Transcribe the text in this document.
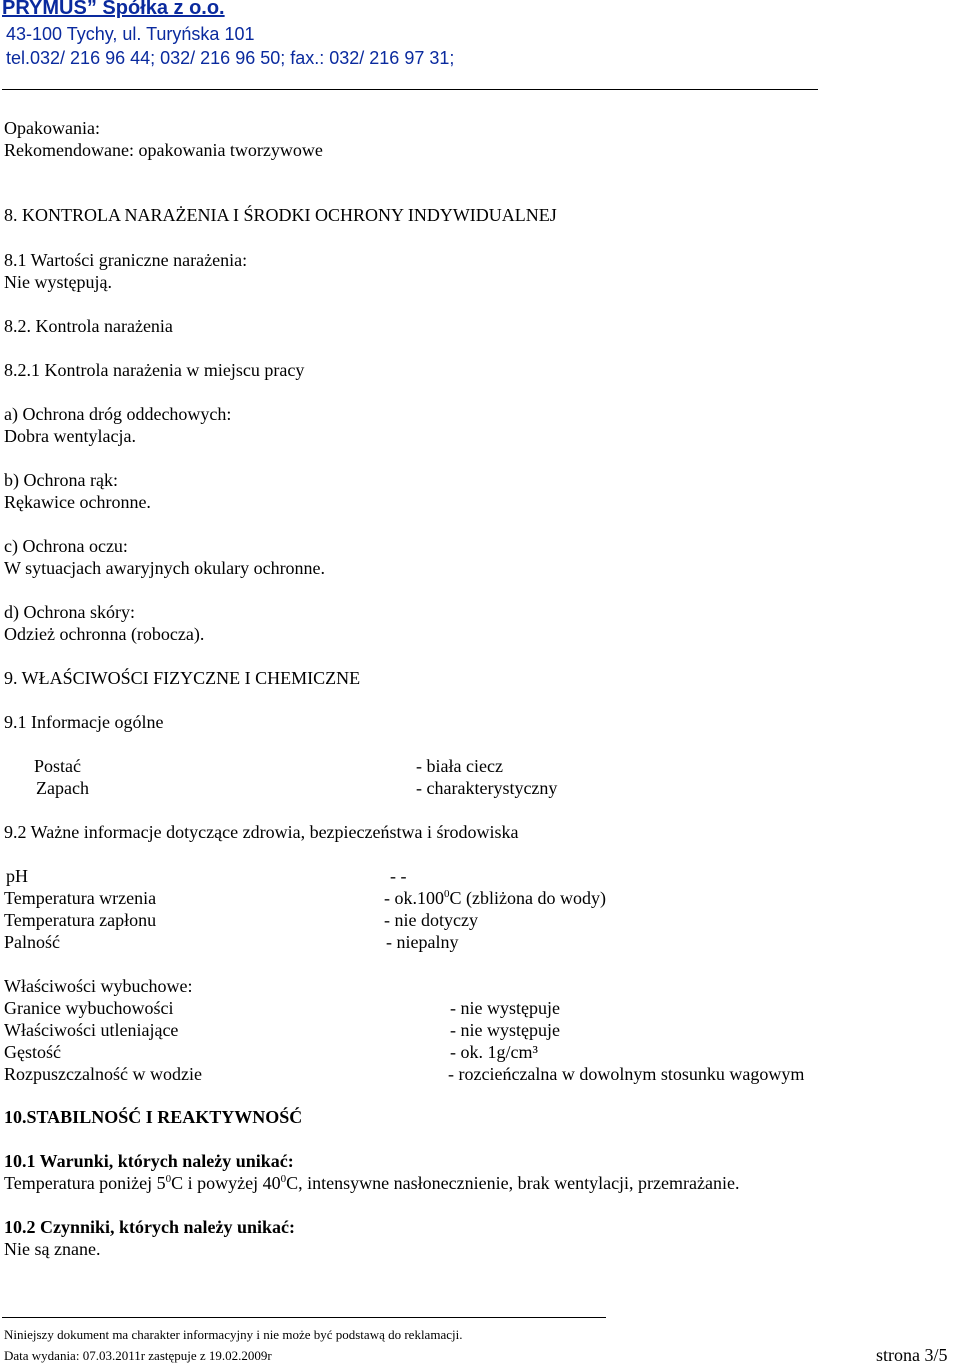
PRYMUS” Spółka z o.o.
43-100 Tychy, ul. Turyńska 101
tel.032/ 216 96 44; 032/ 216 96 50; fax.: 032/ 216 97 31;
Opakowania:
Rekomendowane: opakowania tworzywowe
8. KONTROLA NARAŻENIA I ŚRODKI OCHRONY INDYWIDUALNEJ
8.1 Wartości graniczne narażenia:
Nie występują.
8.2. Kontrola narażenia
8.2.1 Kontrola narażenia w miejscu pracy
a) Ochrona dróg oddechowych:
Dobra wentylacja.
b) Ochrona rąk:
Rękawice ochronne.
c) Ochrona oczu:
W sytuacjach awaryjnych okulary ochronne.
d) Ochrona skóry:
Odzież ochronna (robocza).
9. WŁAŚCIWOŚCI FIZYCZNE I CHEMICZNE
9.1 Informacje ogólne
Postać	- biała ciecz
Zapach	- charakterystyczny
9.2 Ważne informacje dotyczące zdrowia, bezpieczeństwa i środowiska
pH	- -
Temperatura wrzenia	- ok.100$^0$C (zbliżona do wody)
Temperatura zapłonu	- nie dotyczy
Palność	- niepalny
Właściwości wybuchowe:
Granice wybuchowości	- nie występuje
Właściwości utleniające	- nie występuje
Gęstość	- ok. 1g/cm³
Rozpuszczalność w wodzie	- rozcieńczalna w dowolnym stosunku wagowym
10.STABILNOŚĆ I REAKTYWNOŚĆ
10.1 Warunki, których należy unikać:
Temperatura poniżej $5^0C$ i powyżej $40^0C$, intensywne nasłonecznienie, brak wentylacji, przemrażanie.
10.2 Czynniki, których należy unikać:
Nie są znane.
Niniejszy dokument ma charakter informacyjny i nie może być podstawą do reklamacji.
Data wydania: 07.03.2011r zastępuje z 19.02.2009r	strona 3/5
